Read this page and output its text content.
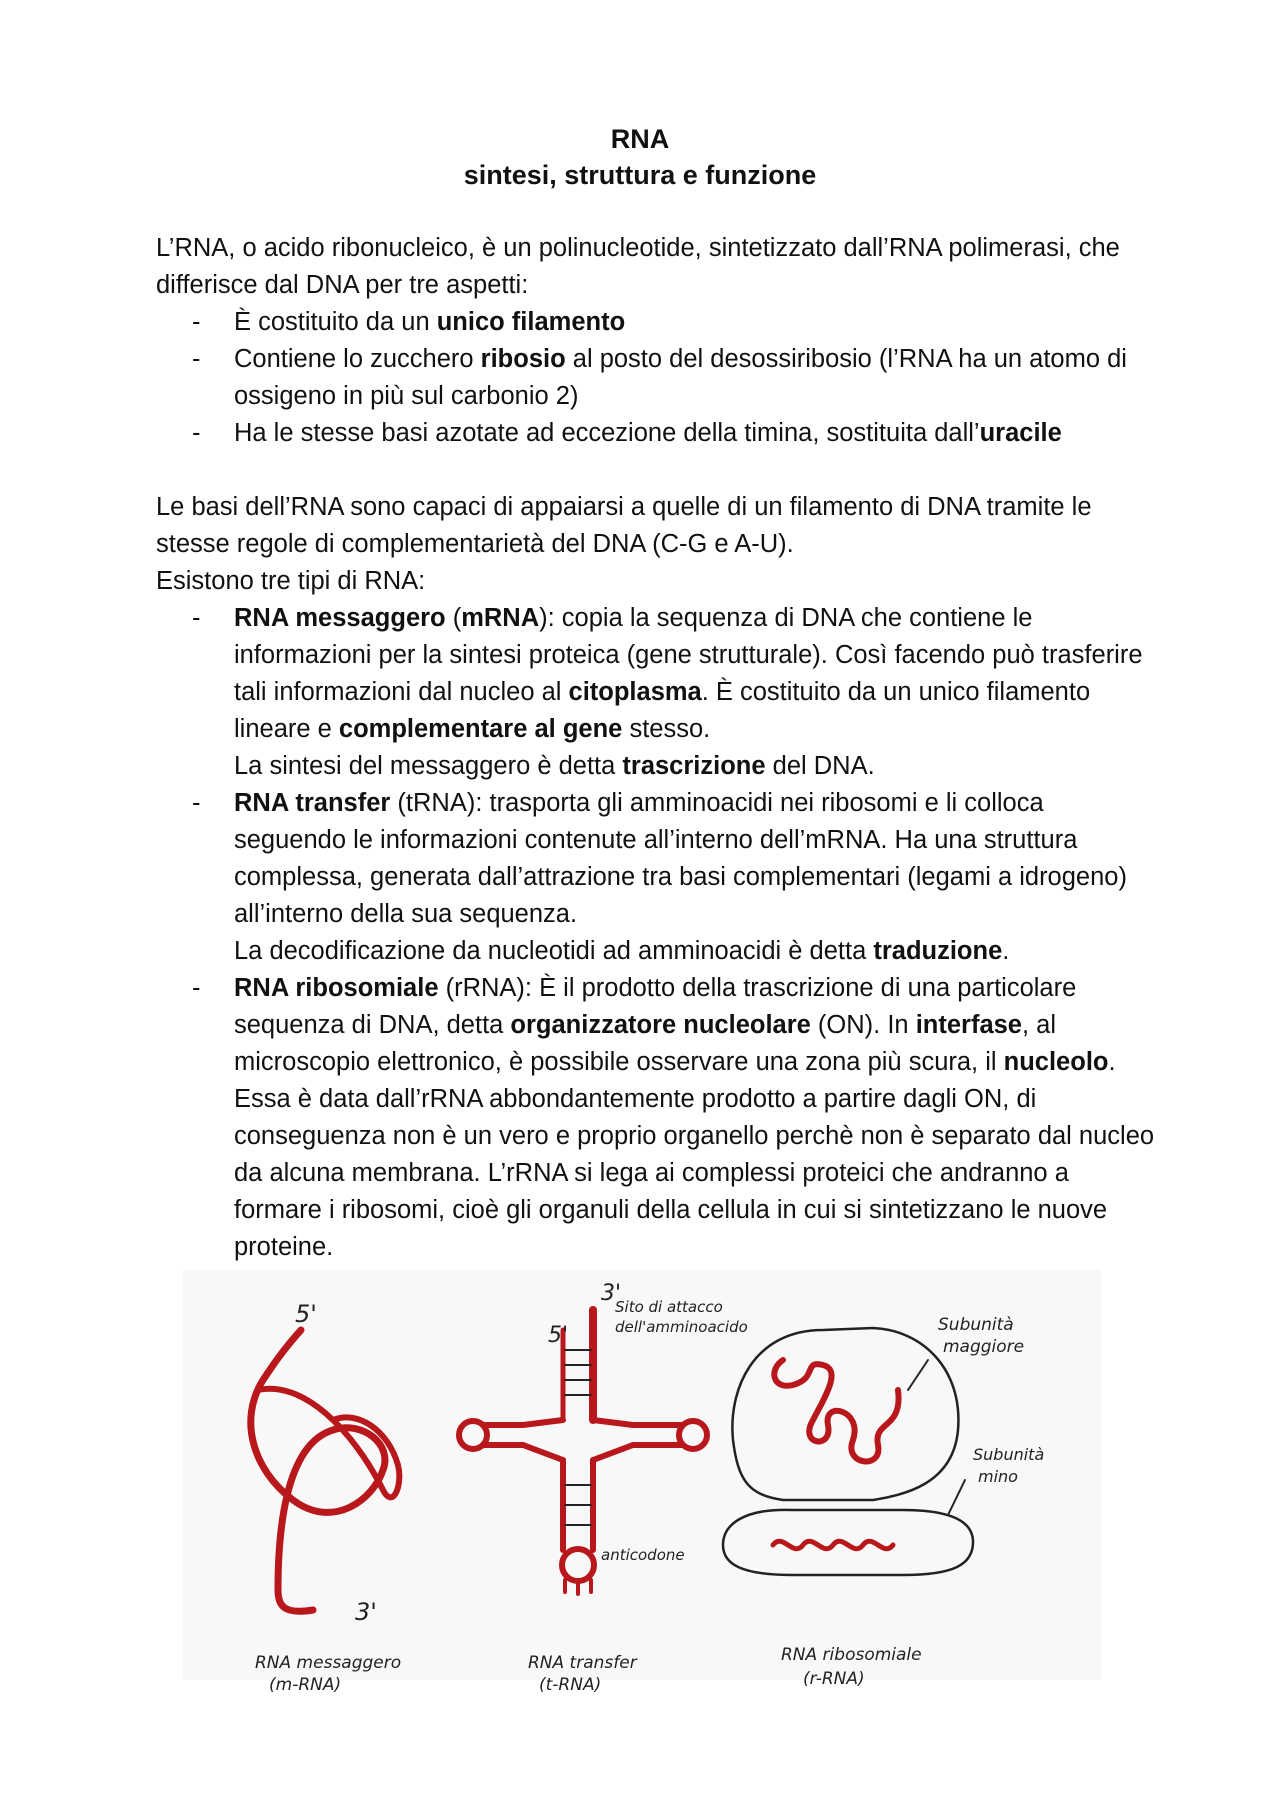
RNA
sintesi, struttura e funzione

L’RNA, o acido ribonucleico, è un polinucleotide, sintetizzato dall’RNA polimerasi, che differisce dal DNA per tre aspetti:

- È costituito da un unico filamento
- Contiene lo zucchero ribosio al posto del desossiribosio (l’RNA ha un atomo di ossigeno in più sul carbonio 2)
- Ha le stesse basi azotate ad eccezione della timina, sostituita dall’uracile

Le basi dell’RNA sono capaci di appaiarsi a quelle di un filamento di DNA tramite le stesse regole di complementarietà del DNA (C-G e A-U).

Esistono tre tipi di RNA:

- RNA messaggero (mRNA): copia la sequenza di DNA che contiene le informazioni per la sintesi proteica (gene strutturale). Così facendo può trasferire tali informazioni dal nucleo al citoplasma. È costituito da un unico filamento lineare e complementare al gene stesso.
La sintesi del messaggero è detta trascrizione del DNA.
- RNA transfer (tRNA): trasporta gli amminoacidi nei ribosomi e li colloca seguendo le informazioni contenute all’interno dell’mRNA. Ha una struttura complessa, generata dall’attrazione tra basi complementari (legami a idrogeno) all’interno della sua sequenza.
La decodificazione da nucleotidi ad amminoacidi è detta traduzione.
- RNA ribosomiale (rRNA): È il prodotto della trascrizione di una particolare sequenza di DNA, detta organizzatore nucleolare (ON). In interfase, al microscopio elettronico, è possibile osservare una zona più scura, il nucleolo. Essa è data dall’rRNA abbondantemente prodotto a partire dagli ON, di conseguenza non è un vero e proprio organello perchè non è separato dal nucleo da alcuna membrana. L’rRNA si lega ai complessi proteici che andranno a formare i ribosomi, cioè gli organuli della cellula in cui si sintetizzano le nuove proteine.
5'
3'
RNA messaggero
(m-RNA)
3'
5'
Sito di attacco
dell'amminoacido
anticodone
RNA transfer
(t-RNA)
Subunità
maggiore
Subunità
mino
RNA ribosomiale
(r-RNA)
